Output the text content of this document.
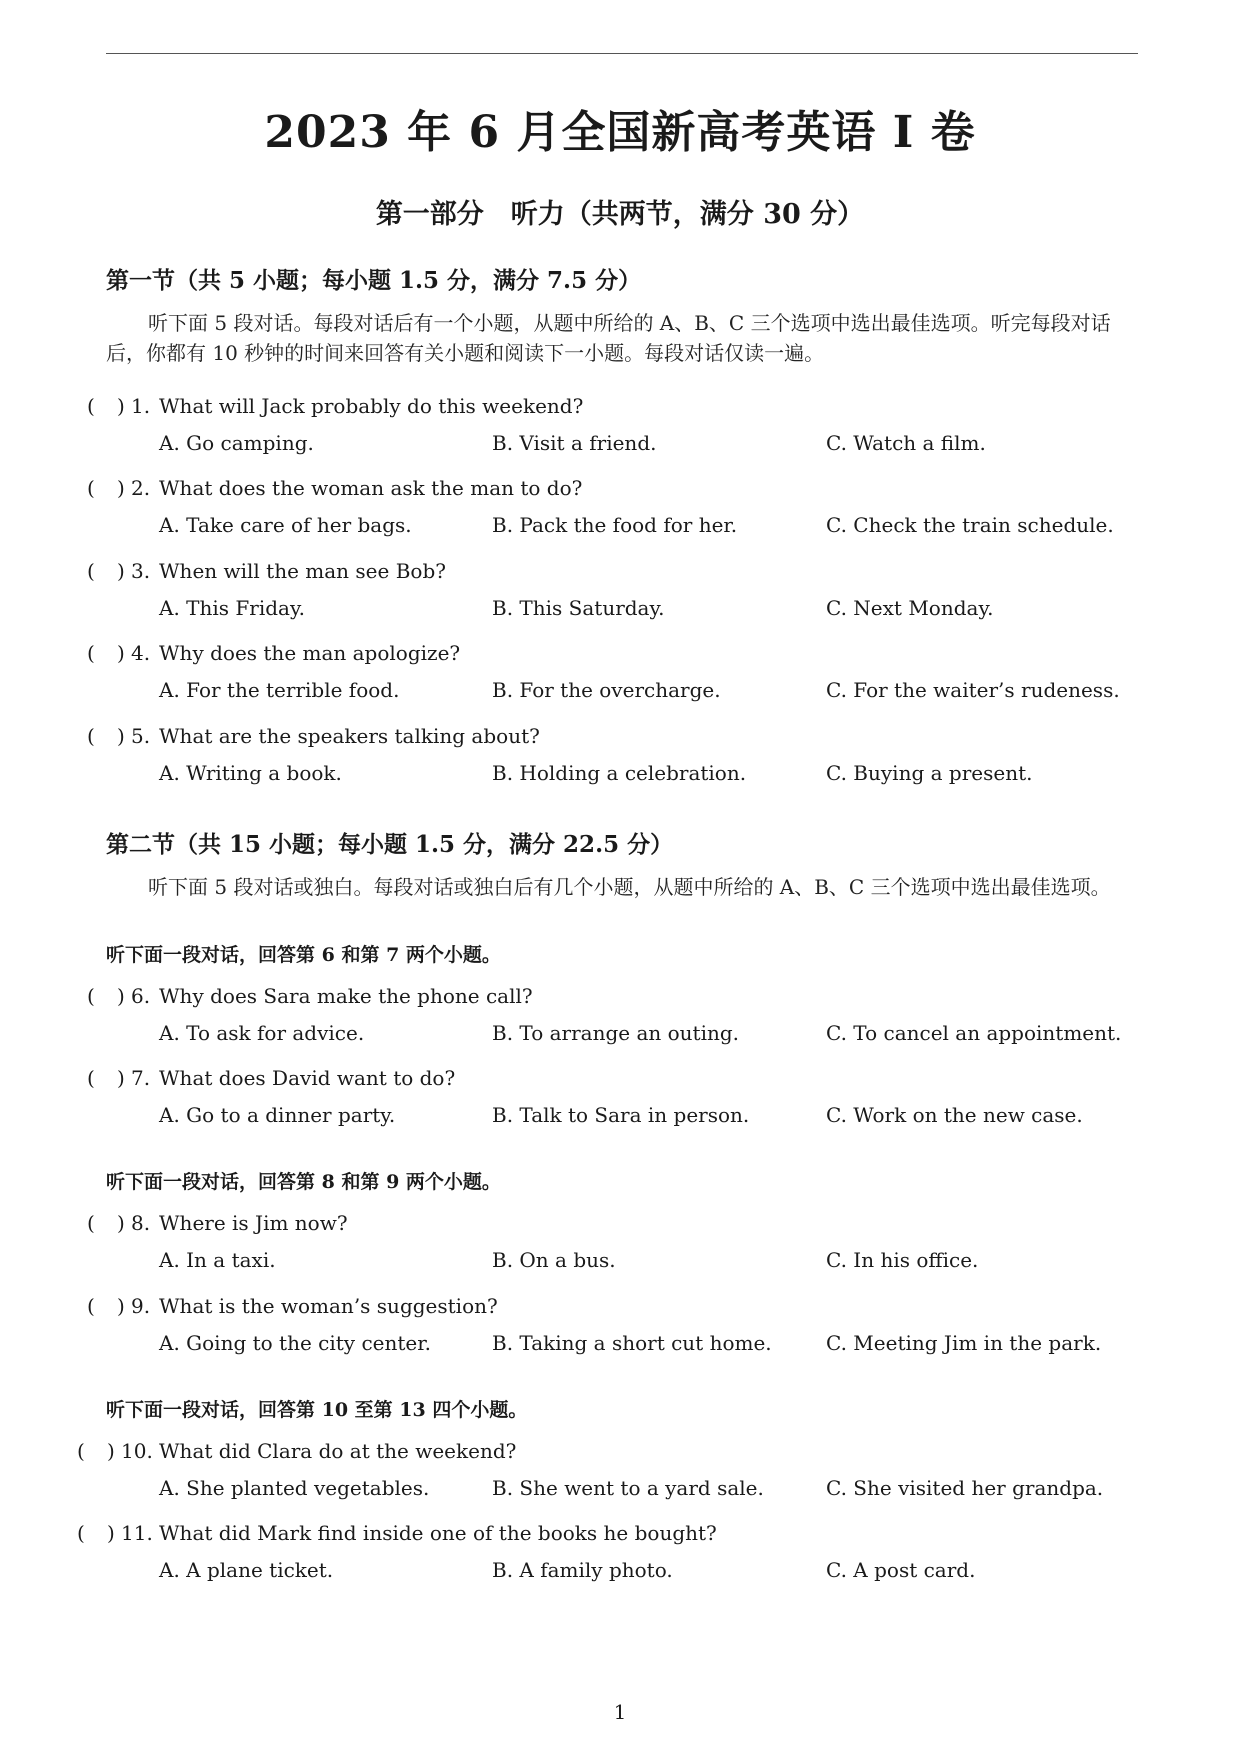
2023 年 6 月全国新高考英语 I 卷
第一部分　听力（共两节，满分 30 分）
第一节（共 5 小题；每小题 1.5 分，满分 7.5 分）
听下面 5 段对话。每段对话后有一个小题，从题中所给的 A、B、C 三个选项中选出最佳选项。听完每段对话后，你都有 10 秒钟的时间来回答有关小题和阅读下一小题。每段对话仅读一遍。
( ) 1. What will Jack probably do this weekend?
A. Go camping.	B. Visit a friend.	C. Watch a film.
( ) 2. What does the woman ask the man to do?
A. Take care of her bags.	B. Pack the food for her.	C. Check the train schedule.
( ) 3. When will the man see Bob?
A. This Friday.	B. This Saturday.	C. Next Monday.
( ) 4. Why does the man apologize?
A. For the terrible food.	B. For the overcharge.	C. For the waiter’s rudeness.
( ) 5. What are the speakers talking about?
A. Writing a book.	B. Holding a celebration.	C. Buying a present.
第二节（共 15 小题；每小题 1.5 分，满分 22.5 分）
听下面 5 段对话或独白。每段对话或独白后有几个小题，从题中所给的 A、B、C 三个选项中选出最佳选项。
听下面一段对话，回答第 6 和第 7 两个小题。
( ) 6. Why does Sara make the phone call?
A. To ask for advice.	B. To arrange an outing.	C. To cancel an appointment.
( ) 7. What does David want to do?
A. Go to a dinner party.	B. Talk to Sara in person.	C. Work on the new case.
听下面一段对话，回答第 8 和第 9 两个小题。
( ) 8. Where is Jim now?
A. In a taxi.	B. On a bus.	C. In his office.
( ) 9. What is the woman’s suggestion?
A. Going to the city center.	B. Taking a short cut home.	C. Meeting Jim in the park.
听下面一段对话，回答第 10 至第 13 四个小题。
( ) 10. What did Clara do at the weekend?
A. She planted vegetables.	B. She went to a yard sale.	C. She visited her grandpa.
( ) 11. What did Mark find inside one of the books he bought?
A. A plane ticket.	B. A family photo.	C. A post card.
1
